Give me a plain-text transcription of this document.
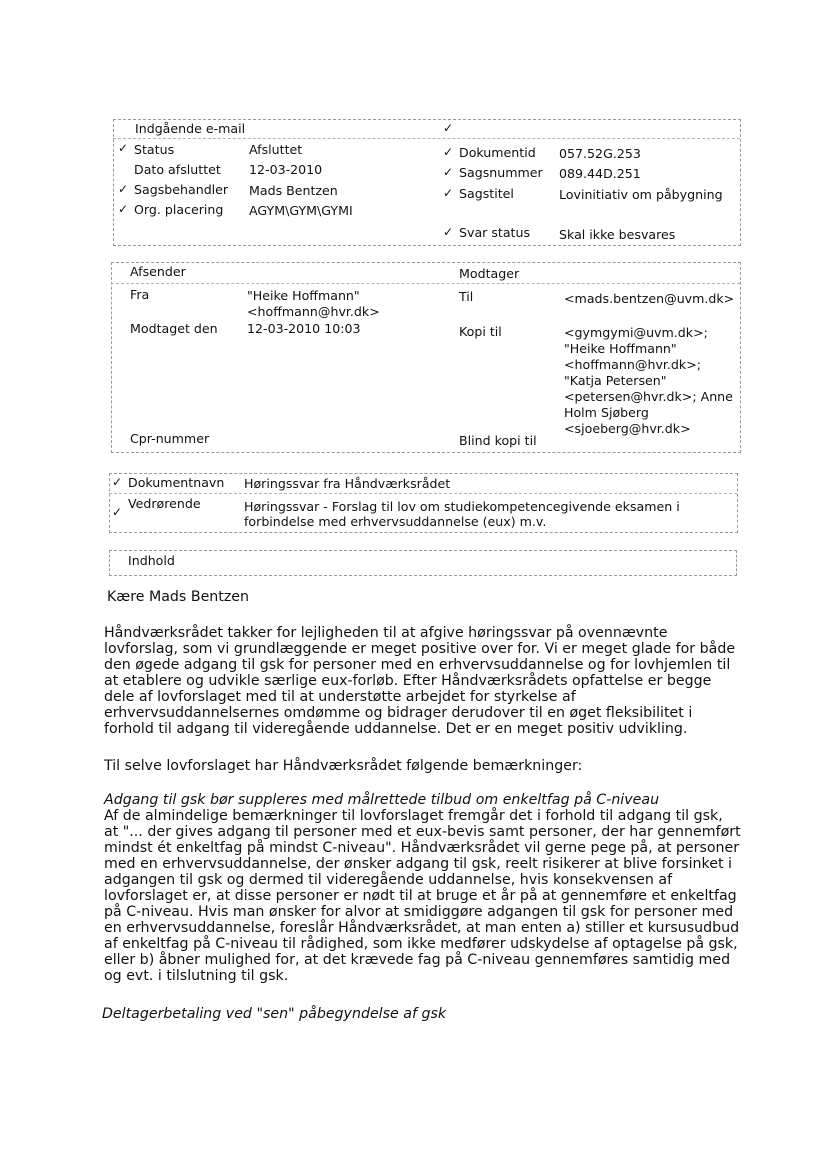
Indgående e-mail	✓
✓ Status	Afsluttet
Dato afsluttet 12-03-2010
✓ Sagsbehandler Mads Bentzen
✓ Org. placering AGYM\GYM\GYMI
✓ Dokumentid 057.52G.253
✓ Sagsnummer 089.44D.251
✓ Sagstitel	Lovinitiativ om påbygning
✓ Svar status Skal ikke besvares
Afsender	Modtager
Fra	"Heike Hoffmann"
<hoffmann@hvr.dk>
Modtaget den 12-03-2010 10:03
Cpr-nummer
Til	<mads.bentzen@uvm.dk>
Kopi til	<gymgymi@uvm.dk>;
"Heike Hoffmann"
<hoffmann@hvr.dk>;
"Katja Petersen"
<petersen@hvr.dk>; Anne
Holm Sjøberg
<sjoeberg@hvr.dk>
Blind kopi til
✓ Dokumentnavn Høringssvar fra Håndværksrådet
✓
Vedrørende	Høringssvar - Forslag til lov om studiekompetencegivende eksamen i
forbindelse med erhvervsuddannelse (eux) m.v.
Indhold
Kære Mads Bentzen
Håndværksrådet takker for lejligheden til at afgive høringssvar på ovennævnte
lovforslag, som vi grundlæggende er meget positive over for. Vi er meget glade for både
den øgede adgang til gsk for personer med en erhvervsuddannelse og for lovhjemlen til
at etablere og udvikle særlige eux-forløb. Efter Håndværksrådets opfattelse er begge
dele af lovforslaget med til at understøtte arbejdet for styrkelse af
erhvervsuddannelsernes omdømme og bidrager derudover til en øget fleksibilitet i
forhold til adgang til videregående uddannelse. Det er en meget positiv udvikling.
Til selve lovforslaget har Håndværksrådet følgende bemærkninger:
Adgang til gsk bør suppleres med målrettede tilbud om enkeltfag på C-niveau
Af de almindelige bemærkninger til lovforslaget fremgår det i forhold til adgang til gsk,
at "... der gives adgang til personer med et eux-bevis samt personer, der har gennemført
mindst ét enkeltfag på mindst C-niveau". Håndværksrådet vil gerne pege på, at personer
med en erhvervsuddannelse, der ønsker adgang til gsk, reelt risikerer at blive forsinket i
adgangen til gsk og dermed til videregående uddannelse, hvis konsekvensen af
lovforslaget er, at disse personer er nødt til at bruge et år på at gennemføre et enkeltfag
på C-niveau. Hvis man ønsker for alvor at smidiggøre adgangen til gsk for personer med
en erhvervsuddannelse, foreslår Håndværksrådet, at man enten a) stiller et kursusudbud
af enkeltfag på C-niveau til rådighed, som ikke medfører udskydelse af optagelse på gsk,
eller b) åbner mulighed for, at det krævede fag på C-niveau gennemføres samtidig med
og evt. i tilslutning til gsk.
Deltagerbetaling ved "sen" påbegyndelse af gsk
